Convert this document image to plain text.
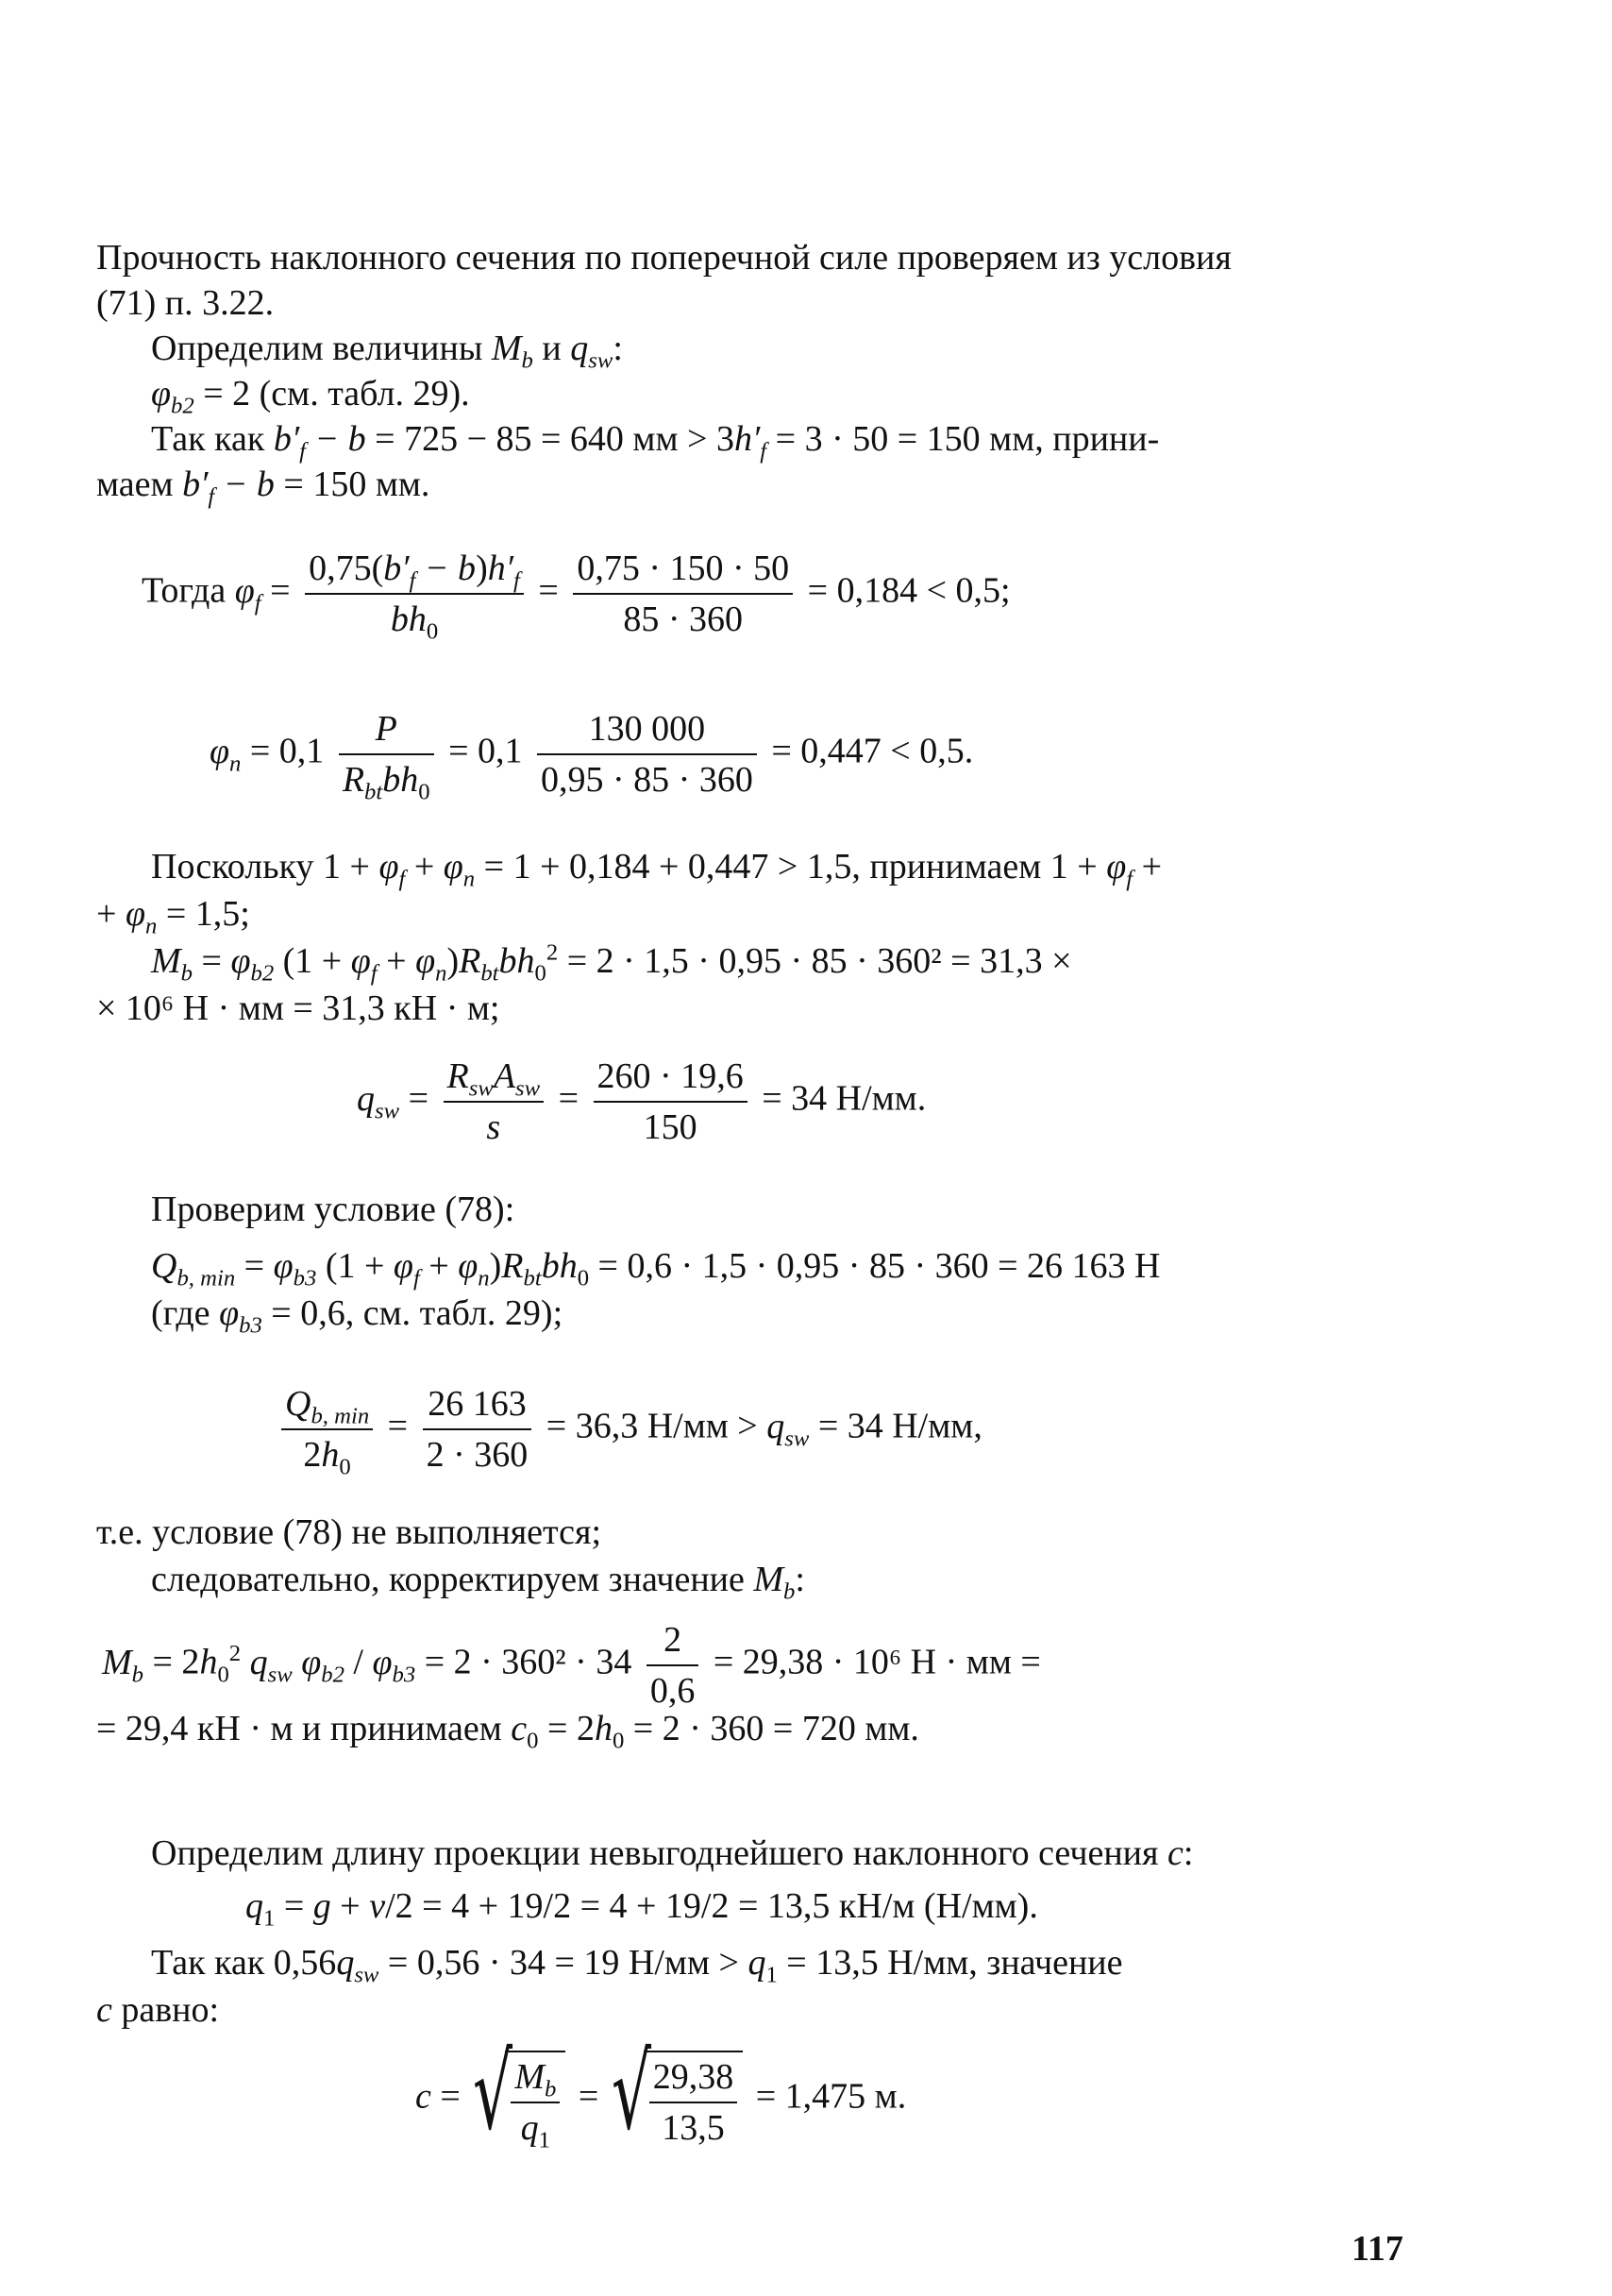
Прочность наклонного сечения по поперечной силе проверяем из условия
(71) п. 3.22.
Определим величины $M_b$ и $q_{sw}$:
$\varphi_{b2} = 2$ (см. табл. 29).
Так как $b'_f - b = 725 - 85 = 640$ мм > $3h'_f = 3 \cdot 50 = 150$ мм, прини-
маем $b'_f - b = 150$ мм.
Тогда $\varphi_f = \frac{0,75(b'_f - b)h'_f}{bh_0} = \frac{0,75 \cdot 150 \cdot 50}{85 \cdot 360} = 0,184 < 0,5$;
$\varphi_n = 0,1 \frac{P}{R_{bt}bh_0} = 0,1 \frac{130 000}{0,95 \cdot 85 \cdot 360} = 0,447 < 0,5$.
Поскольку $1 + \varphi_f + \varphi_n = 1 + 0,184 + 0,447 > 1,5$, принимаем $1 + \varphi_f$ +
+ $\varphi_n = 1,5$;
$M_b = \varphi_{b2}$ $(1 + \varphi_f + \varphi_n)R_{bt}bh_0^2 = 2 \cdot 1,5 \cdot 0,95 \cdot 85 \cdot 360^2 = 31,3$ ×
× 10⁶ Н · мм = 31,3 кН · м;
$q_{sw} = \frac{R_{sw}A_{sw}}{s} = \frac{260 \cdot 19,6}{150} = 34$ Н/мм.
Проверим условие (78):
$Q_{b, min} = \varphi_{b3}$ $(1 + \varphi_f + \varphi_n)R_{bt}bh_0 = 0,6 \cdot 1,5 \cdot 0,95 \cdot 85 \cdot 360 = 26$ 163 Н
(где $\varphi_{b3} = 0,6$, см. табл. 29);
$\frac{Q_{b, min}}{2h_0} = \frac{26 163}{2 \cdot 360} = 36,3$ $Н/мм > q_{sw} = 34$ Н/мм,
т.е. условие (78) не выполняется;
следовательно, корректируем значение $M_b$:
$M_b = 2h_0^2$ $q_{sw}$ $\varphi_{b2} / \varphi_{b3} = 2 \cdot 360^2 \cdot 34 \frac{2}{0,6} = 29,38 \cdot 10^6$ Н · мм =
= 29,4 кН · м и принимаем $c_0 = 2h_0 = 2 \cdot 360 = 720$ мм.
Определим длину проекции невыгоднейшего наклонного сечения c:
$q_1 = g + v/2 = 4 + 19/2 = 4 + 19/2 = 13,5$ кН/м (Н/мм).
Так как $0,56q_{sw} = 0,56 \cdot 34 = 19$ $Н/мм > q_1 = 13,5$ Н/мм, значение
c равно:
c = √
$\frac{M_b}{q_1}$ = √
$\frac{29,38}{13,5} = 1,475$ м.
117
